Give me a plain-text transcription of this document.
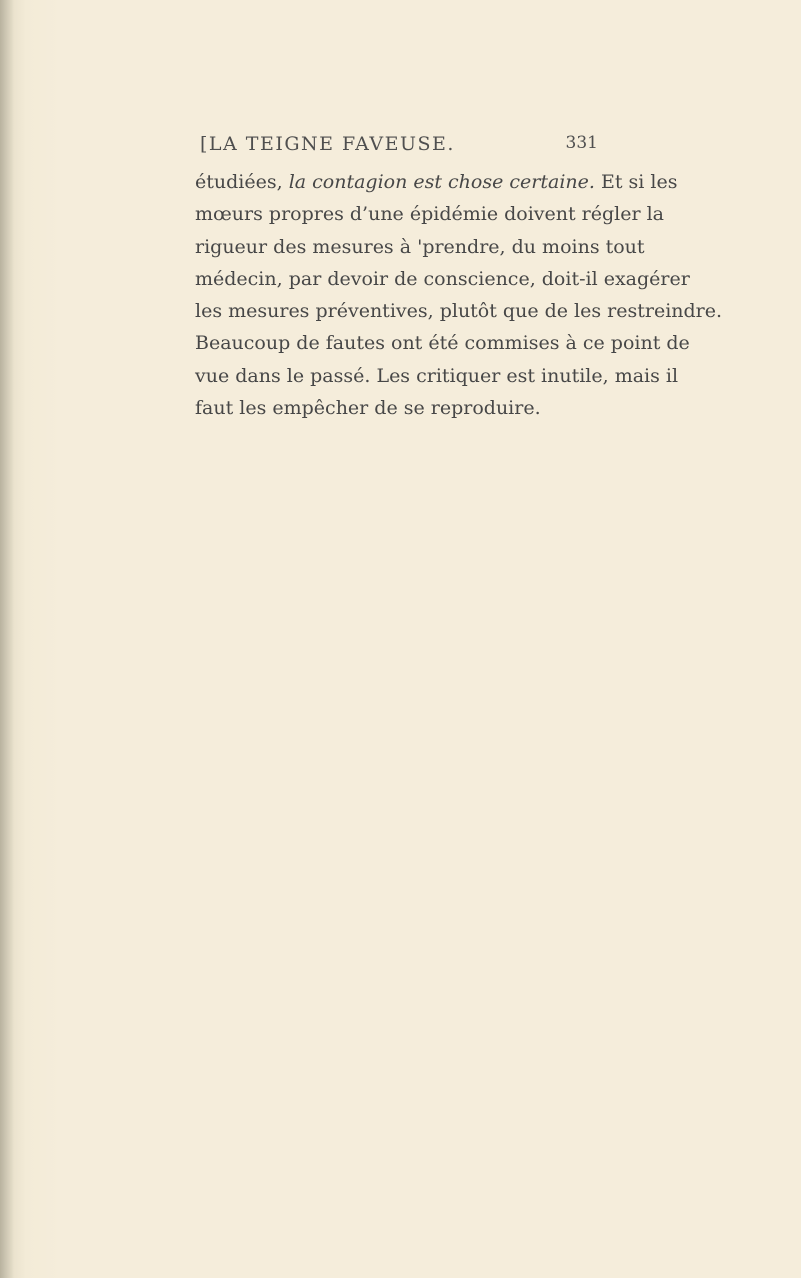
[LA TEIGNE FAVEUSE.	331
étudiées, la contagion est chose certaine. Et si les
mœurs propres d’une épidémie doivent régler la
rigueur des mesures à 'prendre, du moins tout
médecin, par devoir de conscience, doit-il exagérer
les mesures préventives, plutôt que de les restreindre.
Beaucoup de fautes ont été commises à ce point de
vue dans le passé. Les critiquer est inutile, mais il
faut les empêcher de se reproduire.
